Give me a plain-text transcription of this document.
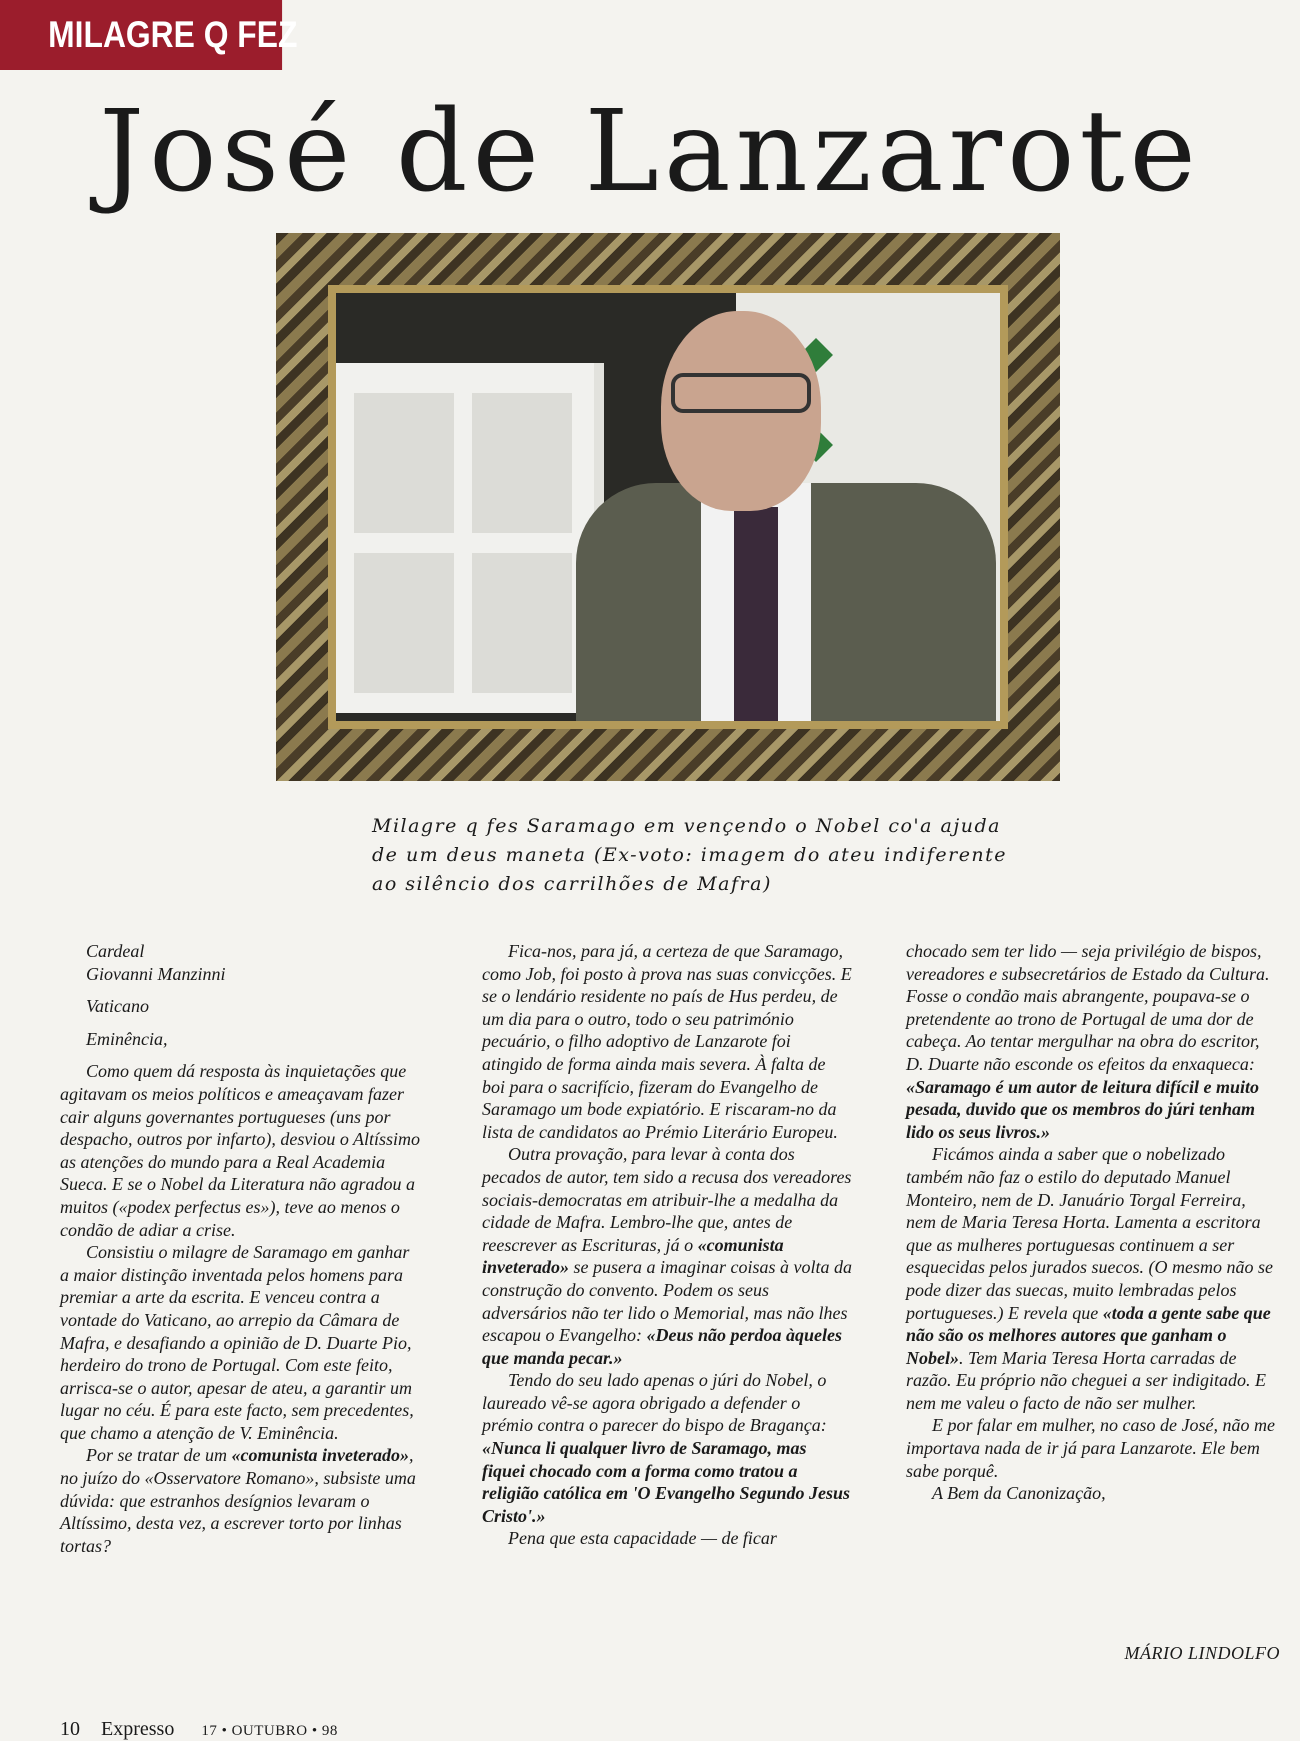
MILAGRE Q FEZ
José de Lanzarote

Milagre q fes Saramago em vençendo o Nobel co'a ajuda de um deus maneta (Ex-voto: imagem do ateu indiferente ao silêncio dos carrilhões de Mafra)

Cardeal
Giovanni Manzinni

Vaticano

Eminência,

Como quem dá resposta às inquietações que agitavam os meios políticos e ameaçavam fazer cair alguns governantes portugueses (uns por despacho, outros por infarto), desviou o Altíssimo as atenções do mundo para a Real Academia Sueca. E se o Nobel da Literatura não agradou a muitos («podex perfectus es»), teve ao menos o condão de adiar a crise.

Consistiu o milagre de Saramago em ganhar a maior distinção inventada pelos homens para premiar a arte da escrita. E venceu contra a vontade do Vaticano, ao arrepio da Câmara de Mafra, e desafiando a opinião de D. Duarte Pio, herdeiro do trono de Portugal. Com este feito, arrisca-se o autor, apesar de ateu, a garantir um lugar no céu. É para este facto, sem precedentes, que chamo a atenção de V. Eminência.

Por se tratar de um «comunista inveterado», no juízo do «Osservatore Romano», subsiste uma dúvida: que estranhos desígnios levaram o Altíssimo, desta vez, a escrever torto por linhas tortas?

Fica-nos, para já, a certeza de que Saramago, como Job, foi posto à prova nas suas convicções. E se o lendário residente no país de Hus perdeu, de um dia para o outro, todo o seu património pecuário, o filho adoptivo de Lanzarote foi atingido de forma ainda mais severa. À falta de boi para o sacrifício, fizeram do Evangelho de Saramago um bode expiatório. E riscaram-no da lista de candidatos ao Prémio Literário Europeu.

Outra provação, para levar à conta dos pecados de autor, tem sido a recusa dos vereadores sociais-democratas em atribuir-lhe a medalha da cidade de Mafra. Lembro-lhe que, antes de reescrever as Escrituras, já o «comunista inveterado» se pusera a imaginar coisas à volta da construção do convento. Podem os seus adversários não ter lido o Memorial, mas não lhes escapou o Evangelho: «Deus não perdoa àqueles que manda pecar.»

Tendo do seu lado apenas o júri do Nobel, o laureado vê-se agora obrigado a defender o prémio contra o parecer do bispo de Bragança: «Nunca li qualquer livro de Saramago, mas fiquei chocado com a forma como tratou a religião católica em 'O Evangelho Segundo Jesus Cristo'.»

Pena que esta capacidade — de ficar

chocado sem ter lido — seja privilégio de bispos, vereadores e subsecretários de Estado da Cultura. Fosse o condão mais abrangente, poupava-se o pretendente ao trono de Portugal de uma dor de cabeça. Ao tentar mergulhar na obra do escritor, D. Duarte não esconde os efeitos da enxaqueca: «Saramago é um autor de leitura difícil e muito pesada, duvido que os membros do júri tenham lido os seus livros.»

Ficámos ainda a saber que o nobelizado também não faz o estilo do deputado Manuel Monteiro, nem de D. Januário Torgal Ferreira, nem de Maria Teresa Horta. Lamenta a escritora que as mulheres portuguesas continuem a ser esquecidas pelos jurados suecos. (O mesmo não se pode dizer das suecas, muito lembradas pelos portugueses.) E revela que «toda a gente sabe que não são os melhores autores que ganham o Nobel». Tem Maria Teresa Horta carradas de razão. Eu próprio não cheguei a ser indigitado. E nem me valeu o facto de não ser mulher.

E por falar em mulher, no caso de José, não me importava nada de ir já para Lanzarote. Ele bem sabe porquê.

A Bem da Canonização,

MÁRIO LINDOLFO

10 Expresso 17 • OUTUBRO • 98
